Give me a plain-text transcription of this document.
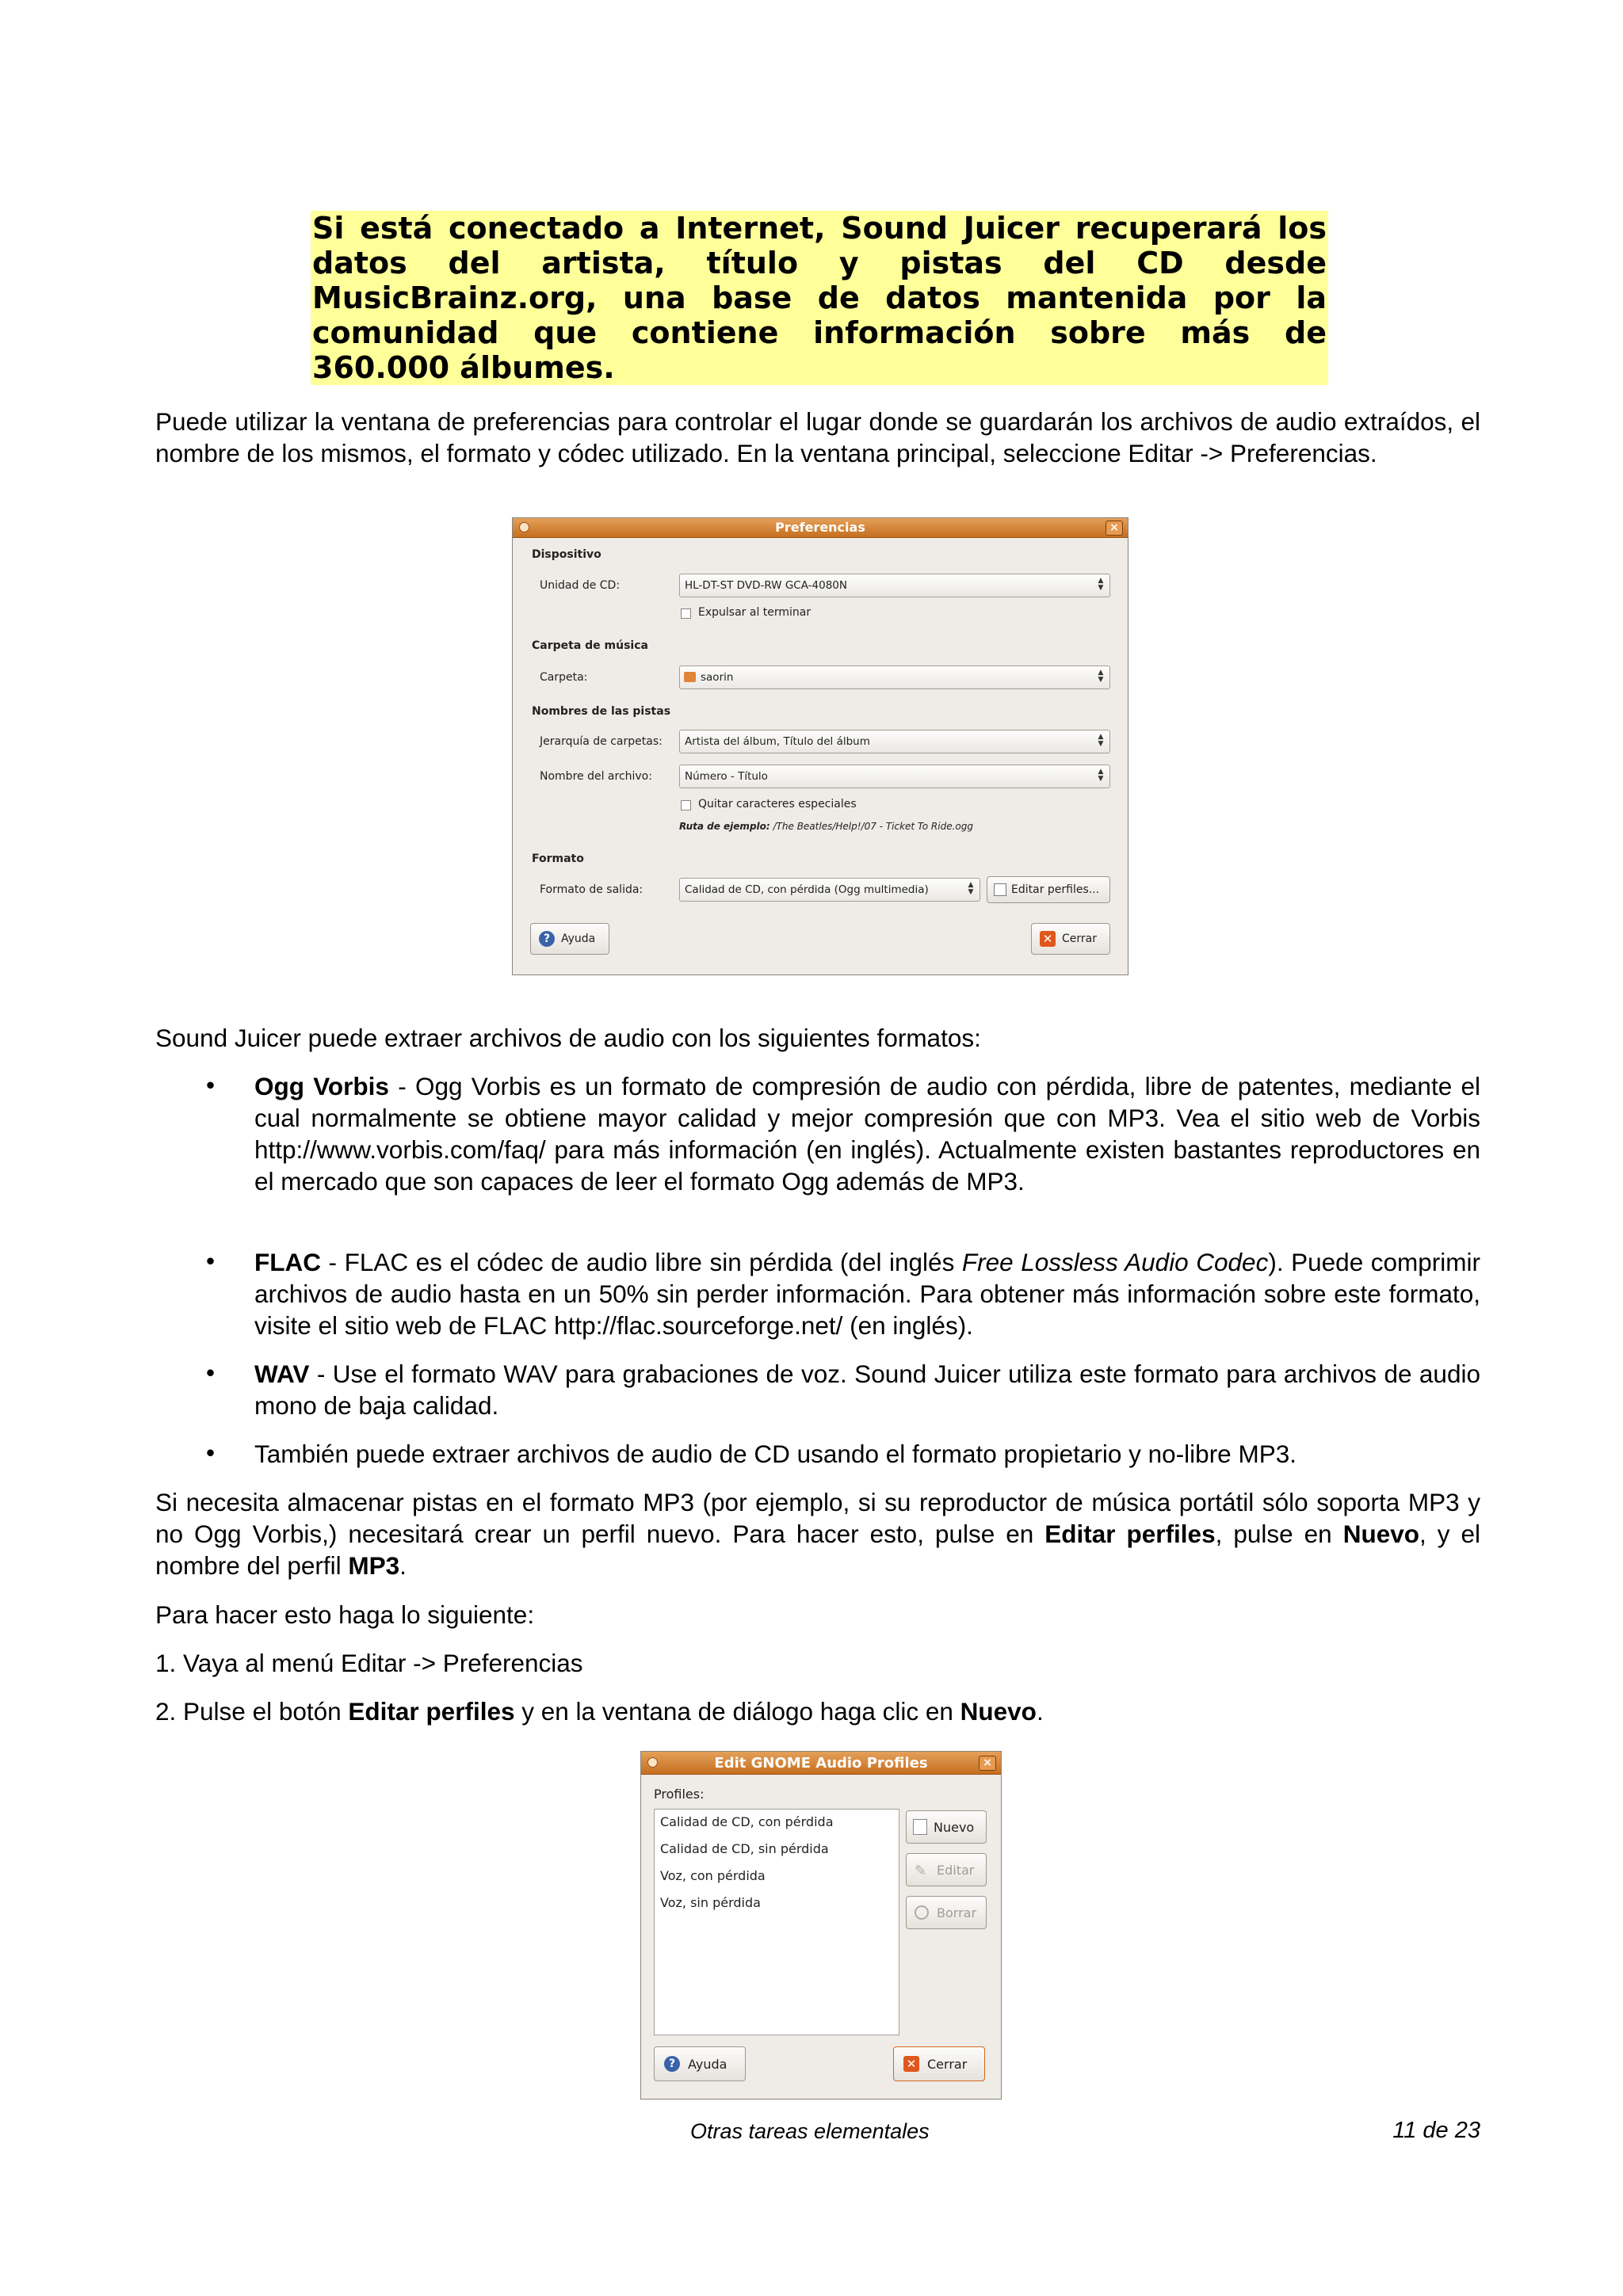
Si está conectado a Internet, Sound Juicer recuperará los datos del artista, título y pistas del CD desde MusicBrainz.org, una base de datos mantenida por la comunidad que contiene información sobre más de 360.000 álbumes.
Puede utilizar la ventana de preferencias para controlar el lugar donde se guardarán los archivos de audio extraídos, el nombre de los mismos, el formato y códec utilizado. En la ventana principal, seleccione Editar -> Preferencias.
Preferencias	×
Dispositivo
Unidad de CD:	HL-DT-ST DVD-RW GCA-4080N	▲
▼
Expulsar al terminar
Carpeta de música
Carpeta:	saorin	▲
▼
Nombres de las pistas
Jerarquía de carpetas:	Artista del álbum, Título del álbum	▲
▼
Nombre del archivo:	Número - Título	▲
▼
Quitar caracteres especiales
Ruta de ejemplo: /The Beatles/Help!/07 - Ticket To Ride.ogg
Formato
Formato de salida:	Calidad de CD, con pérdida (Ogg multimedia)	▲
▼	Editar perfiles...
? Ayuda	✕ Cerrar
Sound Juicer puede extraer archivos de audio con los siguientes formatos:
• Ogg Vorbis - Ogg Vorbis es un formato de compresión de audio con pérdida, libre de patentes, mediante el cual normalmente se obtiene mayor calidad y mejor compresión que con MP3. Vea el sitio web de Vorbis http://www.vorbis.com/faq/ para más información (en inglés). Actualmente existen bastantes reproductores en el mercado que son capaces de leer el formato Ogg además de MP3.
• FLAC - FLAC es el códec de audio libre sin pérdida (del inglés Free Lossless Audio Codec). Puede comprimir archivos de audio hasta en un 50% sin perder información. Para obtener más información sobre este formato, visite el sitio web de FLAC http://flac.sourceforge.net/ (en inglés).
• WAV - Use el formato WAV para grabaciones de voz. Sound Juicer utiliza este formato para archivos de audio mono de baja calidad.
• También puede extraer archivos de audio de CD usando el formato propietario y no-libre MP3.
Si necesita almacenar pistas en el formato MP3 (por ejemplo, si su reproductor de música portátil sólo soporta MP3 y no Ogg Vorbis,) necesitará crear un perfil nuevo. Para hacer esto, pulse en Editar perfiles, pulse en Nuevo, y el nombre del perfil MP3.
Para hacer esto haga lo siguiente:
1. Vaya al menú Editar -> Preferencias
2. Pulse el botón Editar perfiles y en la ventana de diálogo haga clic en Nuevo.
Edit GNOME Audio Profiles	×
Profiles:
Calidad de CD, con pérdida
Calidad de CD, sin pérdida
Voz, con pérdida
Voz, sin pérdida
Nuevo
✎ Editar
Borrar
? Ayuda	✕ Cerrar
Otras tareas elementales	11 de 23
